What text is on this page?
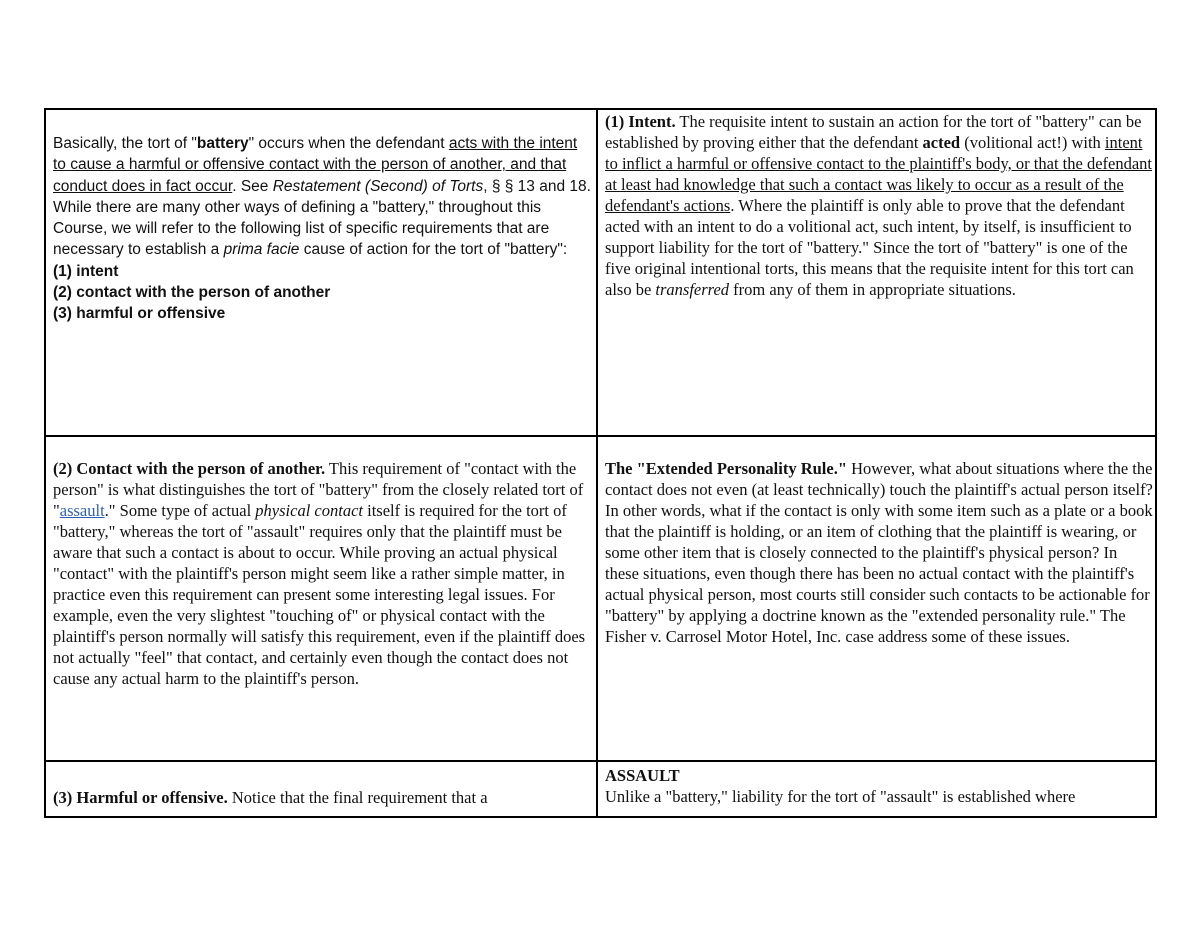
Basically, the tort of "battery" occurs when the defendant acts with the intent to cause a harmful or offensive contact with the person of another, and that conduct does in fact occur. See Restatement (Second) of Torts, § § 13 and 18. While there are many other ways of defining a "battery," throughout this Course, we will refer to the following list of specific requirements that are necessary to establish a prima facie cause of action for the tort of "battery":
(1) intent
(2) contact with the person of another
(3) harmful or offensive
(1) Intent. The requisite intent to sustain an action for the tort of "battery" can be established by proving either that the defendant acted (volitional act!) with intent to inflict a harmful or offensive contact to the plaintiff's body, or that the defendant at least had knowledge that such a contact was likely to occur as a result of the defendant's actions. Where the plaintiff is only able to prove that the defendant acted with an intent to do a volitional act, such intent, by itself, is insufficient to support liability for the tort of "battery." Since the tort of "battery" is one of the five original intentional torts, this means that the requisite intent for this tort can also be transferred from any of them in appropriate situations.
(2) Contact with the person of another. This requirement of "contact with the person" is what distinguishes the tort of "battery" from the closely related tort of "assault." Some type of actual physical contact itself is required for the tort of "battery," whereas the tort of "assault" requires only that the plaintiff must be aware that such a contact is about to occur. While proving an actual physical "contact" with the plaintiff's person might seem like a rather simple matter, in practice even this requirement can present some interesting legal issues. For example, even the very slightest "touching of" or physical contact with the plaintiff's person normally will satisfy this requirement, even if the plaintiff does not actually "feel" that contact, and certainly even though the contact does not cause any actual harm to the plaintiff's person.
The "Extended Personality Rule." However, what about situations where the the contact does not even (at least technically) touch the plaintiff's actual person itself? In other words, what if the contact is only with some item such as a plate or a book that the plaintiff is holding, or an item of clothing that the plaintiff is wearing, or some other item that is closely connected to the plaintiff's physical person? In these situations, even though there has been no actual contact with the plaintiff's actual physical person, most courts still consider such contacts to be actionable for "battery" by applying a doctrine known as the "extended personality rule." The Fisher v. Carrosel Motor Hotel, Inc. case address some of these issues.
(3) Harmful or offensive. Notice that the final requirement that a
ASSAULT
Unlike a "battery," liability for the tort of "assault" is established where
